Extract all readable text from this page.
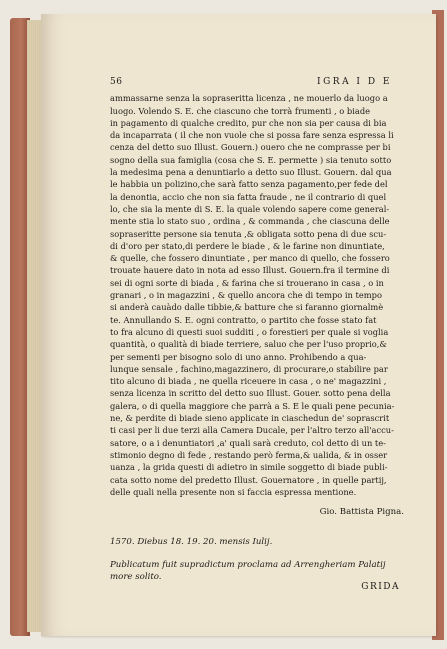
56	IGRA I D E
ammassarne senza la sopraseritta licenza , ne mouerlo da luogo a
luogo. Volendo S. E. che ciascuno che torrà frumenti , o biade
in pagamento di qualche credito, pur che non sia per causa di bia
da incaparrata ( il che non vuole che si possa fare senza espressa li
cenza del detto suo Illust. Gouern.) ouero che ne comprasse per bi
sogno della sua famiglia (cosa che S. E. permette ) sia tenuto sotto
la medesima pena a denuntiarlo a detto suo Illust. Gouern. dal qua
le habbia un polizino,che sarà fatto senza pagamento,per fede del
la denontia, accio che non sia fatta fraude , ne il contrario di quel
lo, che sia la mente di S. E. la quale volendo sapere come general-
mente stia lo stato suo , ordina , & commanda , che ciascuna delle
sopraseritte persone sia tenuta ,& obligata sotto pena di due scu-
di d'oro per stato,di perdere le biade , & le farine non dinuntiate,
& quelle, che fossero dinuntiate , per manco di quello, che fossero
trouate hauere dato in nota ad esso Illust. Gouern.fra il termine di
sei di ogni sorte di biada , & farina che si trouerano in casa , o in
granari , o in magazzini , & quello ancora che di tempo in tempo
si anderà cauàdo dalle tibbie,& batture che si faranno giornalmè
te. Annullando S. E. ogni contratto, o partito che fosse stato fat
to fra alcuno di questi suoi sudditi , o forestieri per quale si voglia
quantità, o qualità di biade terriere, saluo che per l'uso proprio,&
per sementi per bisogno solo di uno anno. Prohibendo a qua-
lunque sensale , fachino,magazzinero, di procurare,o stabilire par
tito alcuno di biada , ne quella riceuere in casa , o ne' magazzini ,
senza licenza in scritto del detto suo Illust. Gouer. sotto pena della
galera, o di quella maggiore che parrà a S. E le quali pene pecunia-
ne, & perdite di biade sieno applicate in ciaschedun de' soprascrit
ti casi per li due terzi alla Camera Ducale, per l'altro terzo all'accu-
satore, o a i denuntiatori ,a' quali sarà creduto, col detto di un te-
stimonio degno di fede , restando però ferma,& ualida, & in osser
uanza , la grida questi di adietro in simile soggetto di biade publi-
cata sotto nome del predetto Illust. Gouernatore , in quelle partij,
delle quali nella presente non si faccia espressa mentione.
Gio. Battista Pigna.
1570. Diebus 18. 19. 20. mensis Iulij.
Publicatum fuit supradictum proclama ad Arrengheriam Palatij
more solito.
GRIDA
